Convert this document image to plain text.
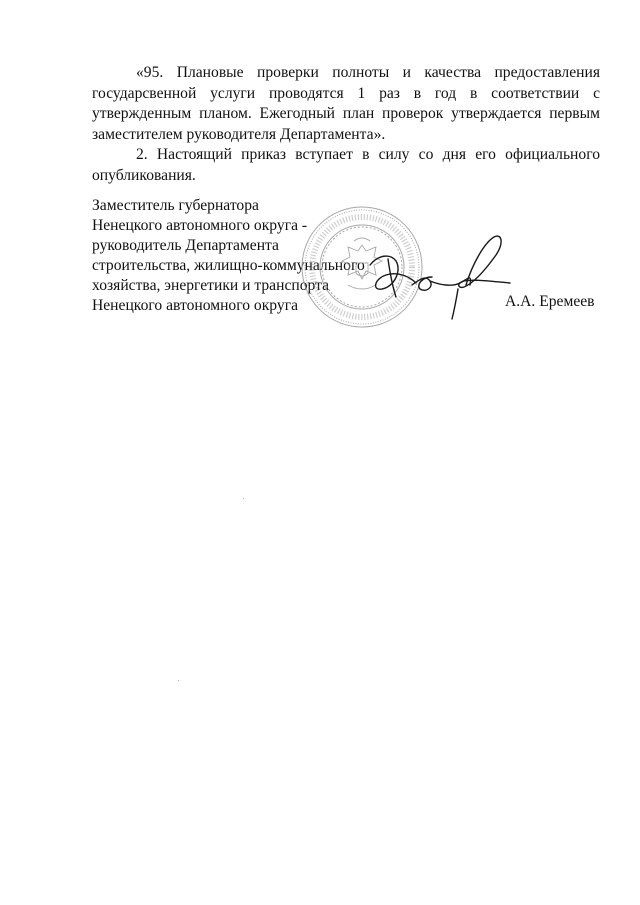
«95. Плановые проверки полноты и качества предоставления государсвенной услуги проводятся 1 раз в год в соответствии с утвержденным планом. Ежегодный план проверок утверждается первым заместителем руководителя Департамента».

2. Настоящий приказ вступает в силу со дня его официального опубликования.

Заместитель губернатора
Ненецкого автономного округа -
руководитель Департамента
строительства, жилищно-коммунального
хозяйства, энергетики и транспорта
Ненецкого автономного округа	А.А. Еремеев
